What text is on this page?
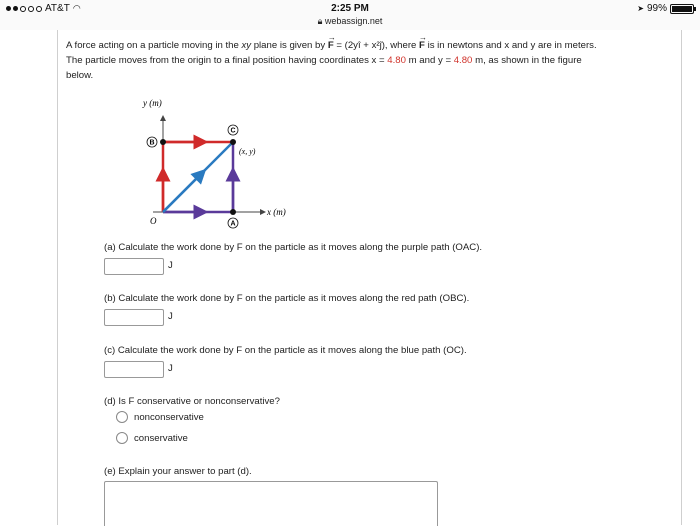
AT&T ◠	2:25 PM
🔒︎ webassign.net
➤ 99%
A force acting on a particle moving in the xy plane is given by → F = (2yî + x²ĵ), where → F is in newtons and x and y are in meters.
The particle moves from the origin to a final position having coordinates x = 4.80 m and y = 4.80 m, as shown in the figure
below.
y (m)
x (m)
O	A
B
C
(x, y)
(a) Calculate the work done by F on the particle as it moves along the purple path (OAC).
J
(b) Calculate the work done by F on the particle as it moves along the red path (OBC).
J
(c) Calculate the work done by F on the particle as it moves along the blue path (OC).
J
(d) Is F conservative or nonconservative?
nonconservative
conservative
(e) Explain your answer to part (d).
